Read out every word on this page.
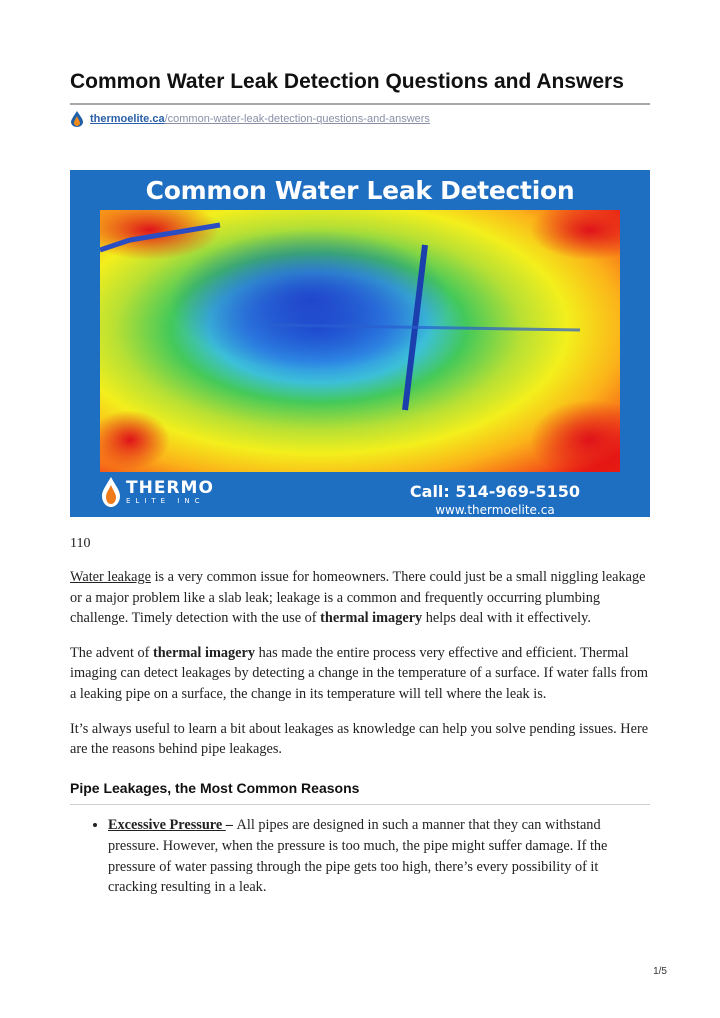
Common Water Leak Detection Questions and Answers
thermoelite.ca/common-water-leak-detection-questions-and-answers
Common Water Leak Detection
THERMO
ELITE INC	Call: 514-969-5150
www.thermoelite.ca

110

Water leakage is a very common issue for homeowners. There could just be a small niggling leakage or a major problem like a slab leak; leakage is a common and frequently occurring plumbing challenge. Timely detection with the use of thermal imagery helps deal with it effectively.

The advent of thermal imagery has made the entire process very effective and efficient. Thermal imaging can detect leakages by detecting a change in the temperature of a surface. If water falls from a leaking pipe on a surface, the change in its temperature will tell where the leak is.

It’s always useful to learn a bit about leakages as knowledge can help you solve pending issues. Here are the reasons behind pipe leakages.

Pipe Leakages, the Most Common Reasons
• Excessive Pressure – All pipes are designed in such a manner that they can withstand pressure. However, when the pressure is too much, the pipe might suffer damage. If the pressure of water passing through the pipe gets too high, there’s every possibility of it cracking resulting in a leak.
1/5
